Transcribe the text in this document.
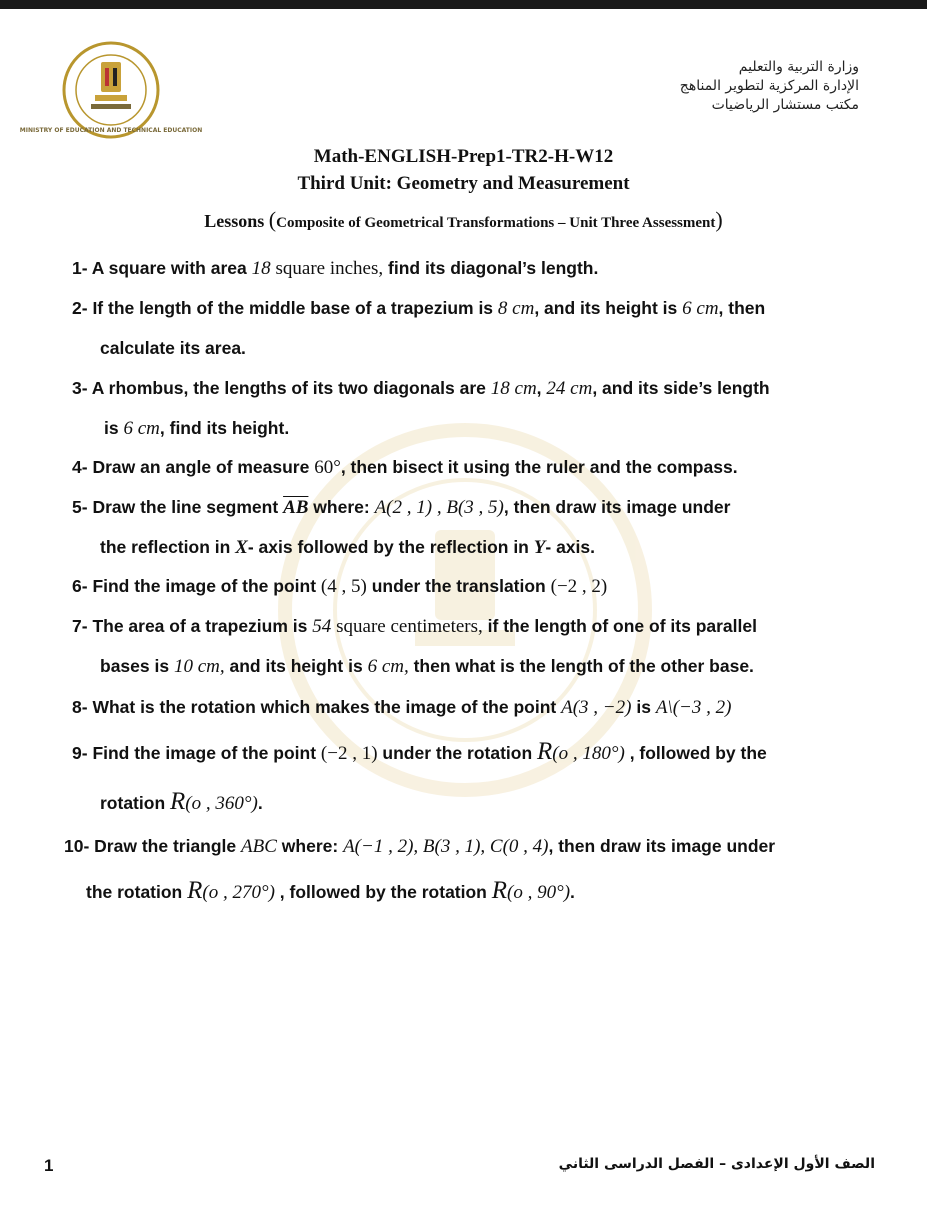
MINISTRY OF EDUCATION AND TECHNICAL EDUCATION
وزارة التربية والتعليم
الإدارة المركزية لتطوير المناهج
مكتب مستشار الرياضيات
Math-ENGLISH-Prep1-TR2-H-W12
Third Unit: Geometry and Measurement
Lessons (Composite of Geometrical Transformations – Unit Three Assessment)
1- A square with area 18 square inches, find its diagonal’s length.
2- If the length of the middle base of a trapezium is 8 cm, and its height is 6 cm, then
calculate its area.
3- A rhombus, the lengths of its two diagonals are 18 cm, 24 cm, and its side’s length
is 6 cm, find its height.
4- Draw an angle of measure 60°, then bisect it using the ruler and the compass.
5- Draw the line segment $\overline{AB}$ where: A(2 , 1) , B(3 , 5), then draw its image under
the reflection in X- axis followed by the reflection in Y- axis.
6- Find the image of the point (4 , 5) under the translation (−2 , 2)
7- The area of a trapezium is 54 square centimeters, if the length of one of its parallel
bases is 10 cm, and its height is 6 cm, then what is the length of the other base.
8- What is the rotation which makes the image of the point A(3 , −2) is A\(−3 , 2)
9- Find the image of the point (−2 , 1) under the rotation R(o , 180°) , followed by the
rotation R(o , 360°).
10- Draw the triangle ABC where: A(−1 , 2), B(3 , 1), C(0 , 4), then draw its image under
the rotation R(o , 270°) , followed by the rotation R(o , 90°).
1	الصف الأول الإعدادى – الفصل الدراسى الثاني
